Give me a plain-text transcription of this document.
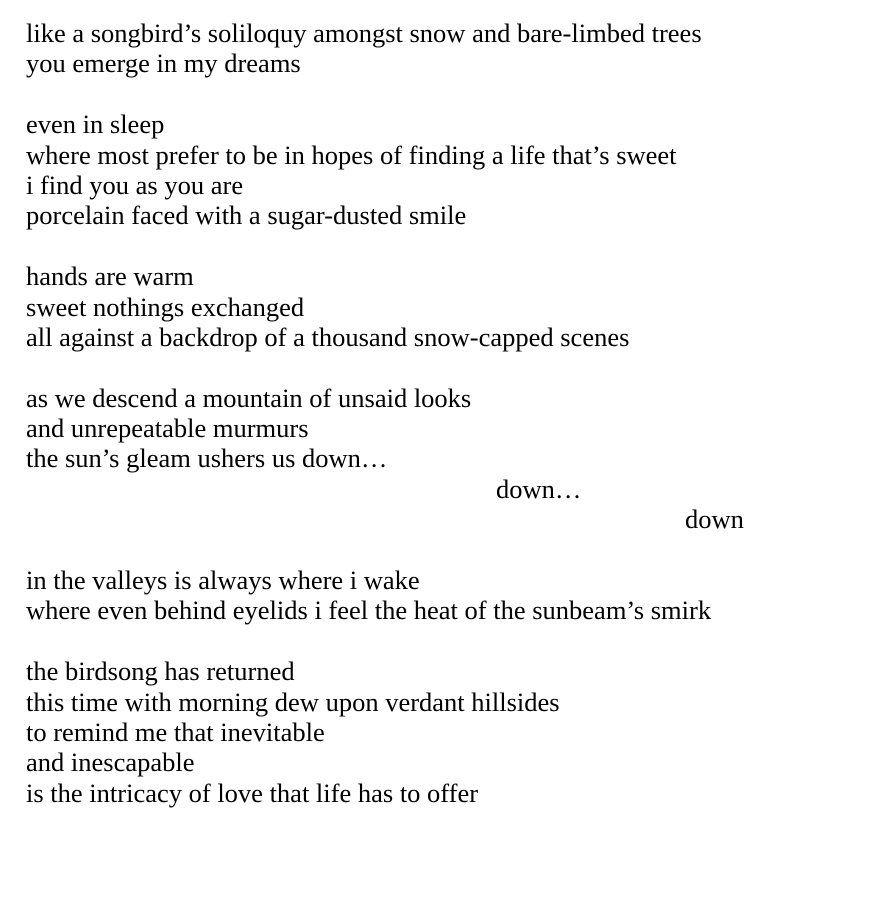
like a songbird’s soliloquy amongst snow and bare-limbed trees
you emerge in my dreams
even in sleep
where most prefer to be in hopes of finding a life that’s sweet
i find you as you are
porcelain faced with a sugar-dusted smile
hands are warm
sweet nothings exchanged
all against a backdrop of a thousand snow-capped scenes
as we descend a mountain of unsaid looks
and unrepeatable murmurs
the sun’s gleam ushers us down…
down…
down
in the valleys is always where i wake
where even behind eyelids i feel the heat of the sunbeam’s smirk
the birdsong has returned
this time with morning dew upon verdant hillsides
to remind me that inevitable
and inescapable
is the intricacy of love that life has to offer
